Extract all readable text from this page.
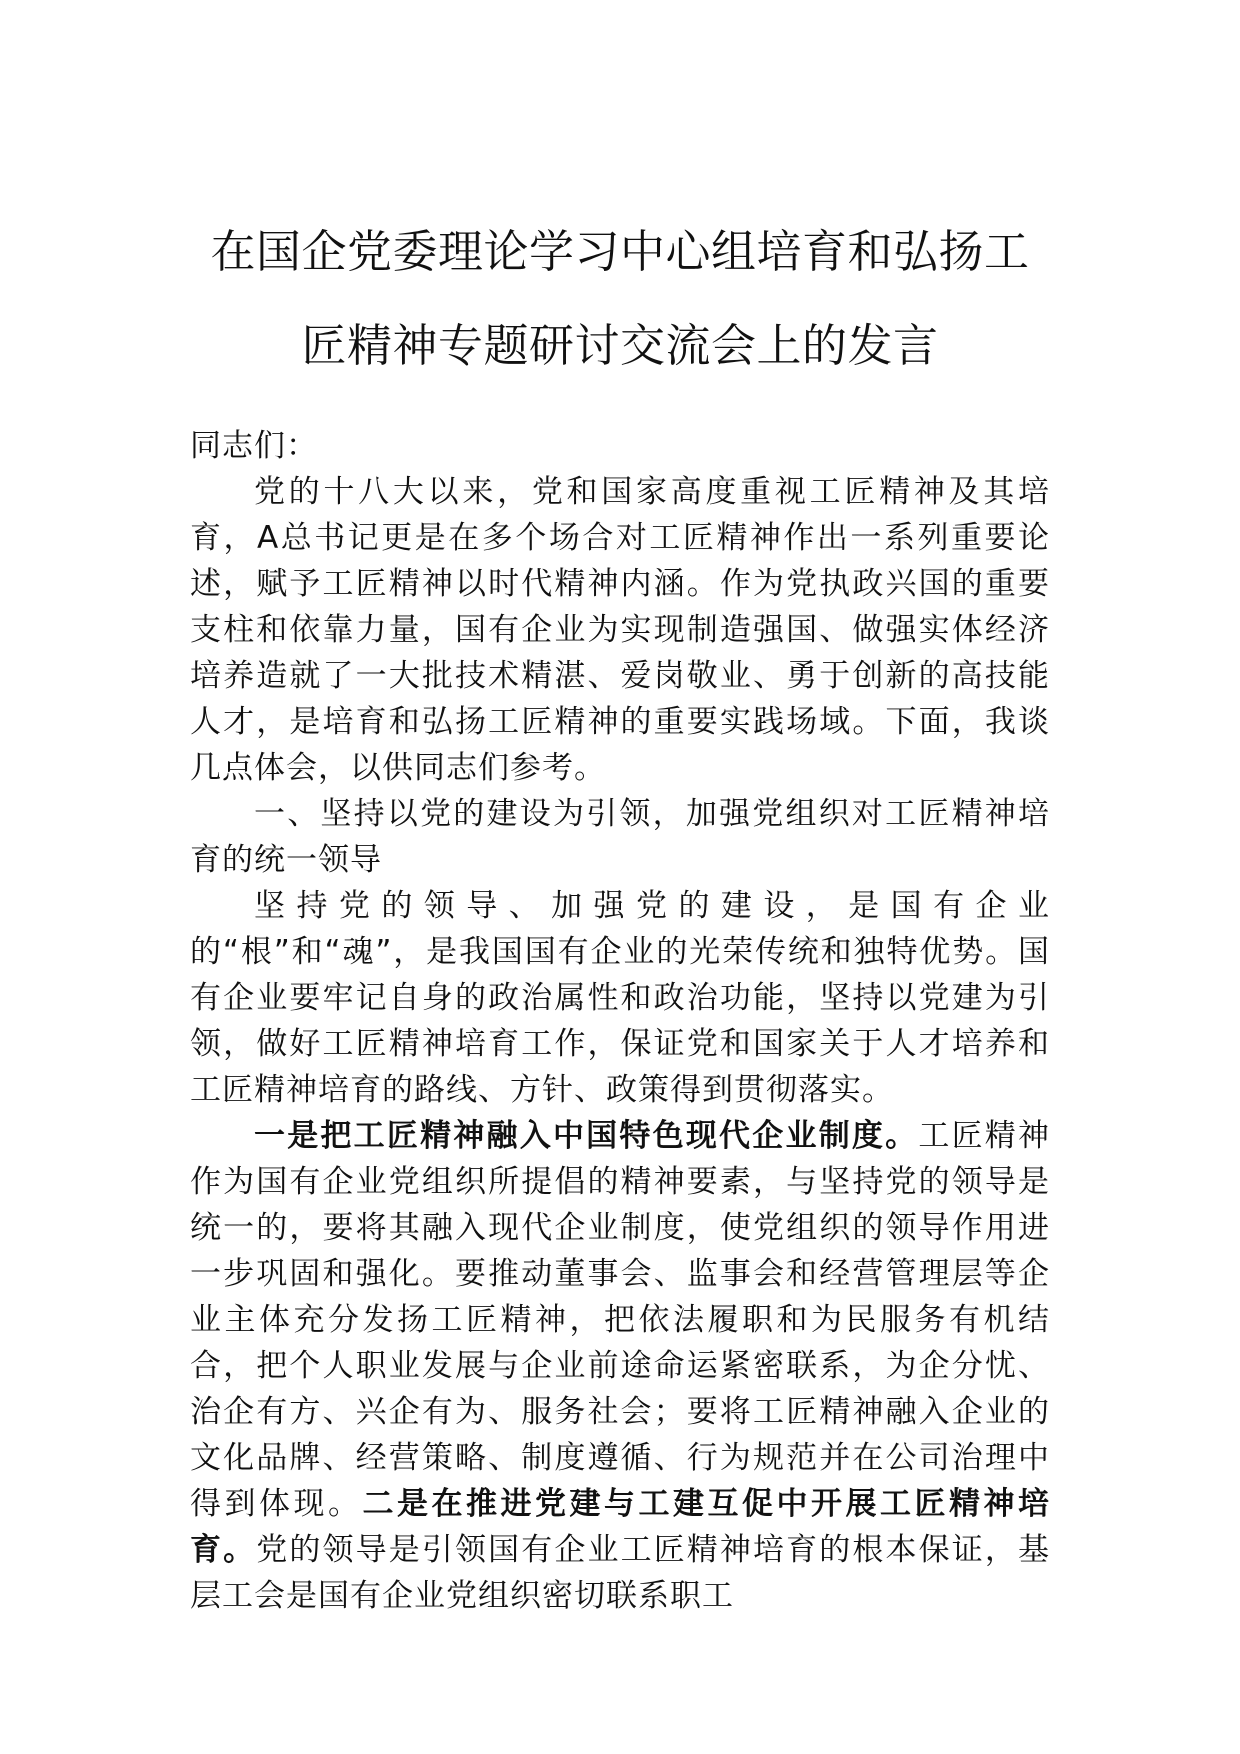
在国企党委理论学习中心组培育和弘扬工
匠精神专题研讨交流会上的发言

同志们：

党的十八大以来，党和国家高度重视工匠精神及其培育，A总书记更是在多个场合对工匠精神作出一系列重要论述，赋予工匠精神以时代精神内涵。作为党执政兴国的重要支柱和依靠力量，国有企业为实现制造强国、做强实体经济培养造就了一大批技术精湛、爱岗敬业、勇于创新的高技能人才，是培育和弘扬工匠精神的重要实践场域。下面，我谈几点体会，以供同志们参考。

一、坚持以党的建设为引领，加强党组织对工匠精神培育的统一领导

坚持党的领导、加强党的建设，是国有企业的“根”和“魂”，是我国国有企业的光荣传统和独特优势。国有企业要牢记自身的政治属性和政治功能，坚持以党建为引领，做好工匠精神培育工作，保证党和国家关于人才培养和工匠精神培育的路线、方针、政策得到贯彻落实。

一是把工匠精神融入中国特色现代企业制度。工匠精神作为国有企业党组织所提倡的精神要素，与坚持党的领导是统一的，要将其融入现代企业制度，使党组织的领导作用进一步巩固和强化。要推动董事会、监事会和经营管理层等企业主体充分发扬工匠精神，把依法履职和为民服务有机结合，把个人职业发展与企业前途命运紧密联系，为企分忧、治企有方、兴企有为、服务社会；要将工匠精神融入企业的文化品牌、经营策略、制度遵循、行为规范并在公司治理中得到体现。二是在推进党建与工建互促中开展工匠精神培育。党的领导是引领国有企业工匠精神培育的根本保证，基层工会是国有企业党组织密切联系职工
